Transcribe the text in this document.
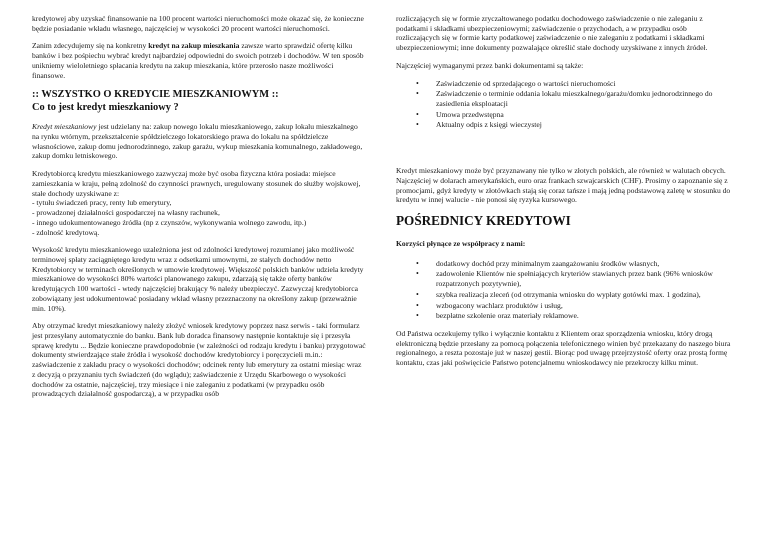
kredytowej aby uzyskać finansowanie na 100 procent wartości nieruchomości może okazać się, że konieczne będzie posiadanie wkładu własnego, najczęściej w wysokości 20 procent wartości nieruchomości.

Zanim zdecydujemy się na konkretny kredyt na zakup mieszkania zawsze warto sprawdzić ofertę kilku banków i bez pośpiechu wybrać kredyt najbardziej odpowiedni do swoich potrzeb i dochodów. W ten sposób unikniemy wieloletniego spłacania kredytu na zakup mieszkania, które przerosło nasze możliwości finansowe.

:: WSZYSTKO O KREDYCIE MIESZKANIOWYM ::
Co to jest kredyt mieszkaniowy ?

Kredyt mieszkaniowy jest udzielany na: zakup nowego lokalu mieszkaniowego, zakup lokalu mieszkalnego na rynku wtórnym, przekształcenie spółdzielczego lokatorskiego prawa do lokalu na spółdzielcze własnościowe, zakup domu jednorodzinnego, zakup garażu, wykup mieszkania komunalnego, zakładowego, zakup domku letniskowego.

Kredytobiorcą kredytu mieszkaniowego zazwyczaj może być osoba fizyczna która posiada: miejsce zamieszkania w kraju, pełną zdolność do czynności prawnych, uregulowany stosunek do służby wojskowej, stałe dochody uzyskiwane z:
- tytułu świadczeń pracy, renty lub emerytury,
- prowadzonej działalności gospodarczej na własny rachunek,
- innego udokumentowanego źródła (np z czynszów, wykonywania wolnego zawodu, itp.)
- zdolność kredytową.

Wysokość kredytu mieszkaniowego uzależniona jest od zdolności kredytowej rozumianej jako możliwość terminowej spłaty zaciągniętego kredytu wraz z odsetkami umownymi, ze stałych dochodów netto Kredytobiorcy w terminach określonych w umowie kredytowej. Większość polskich banków udziela kredyty mieszkaniowe do wysokości 80% wartości planowanego zakupu, zdarzają się także oferty banków kredytujących 100 wartości - wtedy najczęściej brakujący % należy ubezpieczyć. Zazwyczaj kredytobiorca zobowiązany jest udokumentować posiadany wkład własny przeznaczony na określony zakup (przeważnie min. 10%).

Aby otrzymać kredyt mieszkaniowy należy złożyć wniosek kredytowy poprzez nasz serwis - taki formularz jest przesyłany automatycznie do banku. Bank lub doradca finansowy następnie kontaktuje się i przesyła sprawę kredytu ... Będzie konieczne prawdopodobnie (w zależności od rodzaju kredytu i banku) przygotować dokumenty stwierdzające stałe źródła i wysokość dochodów kredytobiorcy i poręczycieli m.in.: zaświadczenie z zakładu pracy o wysokości dochodów; odcinek renty lub emerytury za ostatni miesiąc wraz z decyzją o przyznaniu tych świadczeń (do wglądu); zaświadczenie z Urzędu Skarbowego o wysokości dochodów za ostatnie, najczęściej, trzy miesiące i nie zaleganiu z podatkami (w przypadku osób prowadzących działalność gospodarczą), a w przypadku osób

rozliczających się w formie zryczałtowanego podatku dochodowego zaświadczenie o nie zaleganiu z podatkami i składkami ubezpieczeniowymi; zaświadczenie o przychodach, a w przypadku osób rozliczających się w formie karty podatkowej zaświadczenie o nie zaleganiu z podatkami i składkami ubezpieczeniowymi; inne dokumenty pozwalające określić stałe dochody uzyskiwane z innych źródeł.

Najczęściej wymaganymi przez banki dokumentami są także:

• Zaświadczenie od sprzedającego o wartości nieruchomości
• Zaświadczenie o terminie oddania lokalu mieszkalnego/garażu/domku jednorodzinnego do zasiedlenia eksploatacji
• Umowa przedwstępna
• Aktualny odpis z księgi wieczystej

Kredyt mieszkaniowy może być przyznawany nie tylko w złotych polskich, ale również w walutach obcych. Najczęściej w dolarach amerykańskich, euro oraz frankach szwajcarskich (CHF). Prosimy o zapoznanie się z promocjami, gdyż kredyty w złotówkach stają się coraz tańsze i mają jedną podstawową zaletę w stosunku do kredytu w innej walucie - nie ponosi się ryzyka kursowego.

POŚREDNICY KREDYTOWI

Korzyści płynące ze współpracy z nami:

• dodatkowy dochód przy minimalnym zaangażowaniu środków własnych,
• zadowolenie Klientów nie spełniających kryteriów stawianych przez bank (96% wniosków rozpatrzonych pozytywnie),
• szybka realizacja zleceń (od otrzymania wniosku do wypłaty gotówki max. 1 godzina),
• wzbogacony wachlarz produktów i usług,
• bezpłatne szkolenie oraz materiały reklamowe.

Od Państwa oczekujemy tylko i wyłącznie kontaktu z Klientem oraz sporządzenia wniosku, który drogą elektroniczną będzie przesłany za pomocą połączenia telefonicznego winien być przekazany do naszego biura regionalnego, a reszta pozostaje już w naszej gestii. Biorąc pod uwagę przejrzystość oferty oraz prostą formę kontaktu, czas jaki poświęcicie Państwo potencjalnemu wnioskodawcy nie przekroczy kilku minut.
